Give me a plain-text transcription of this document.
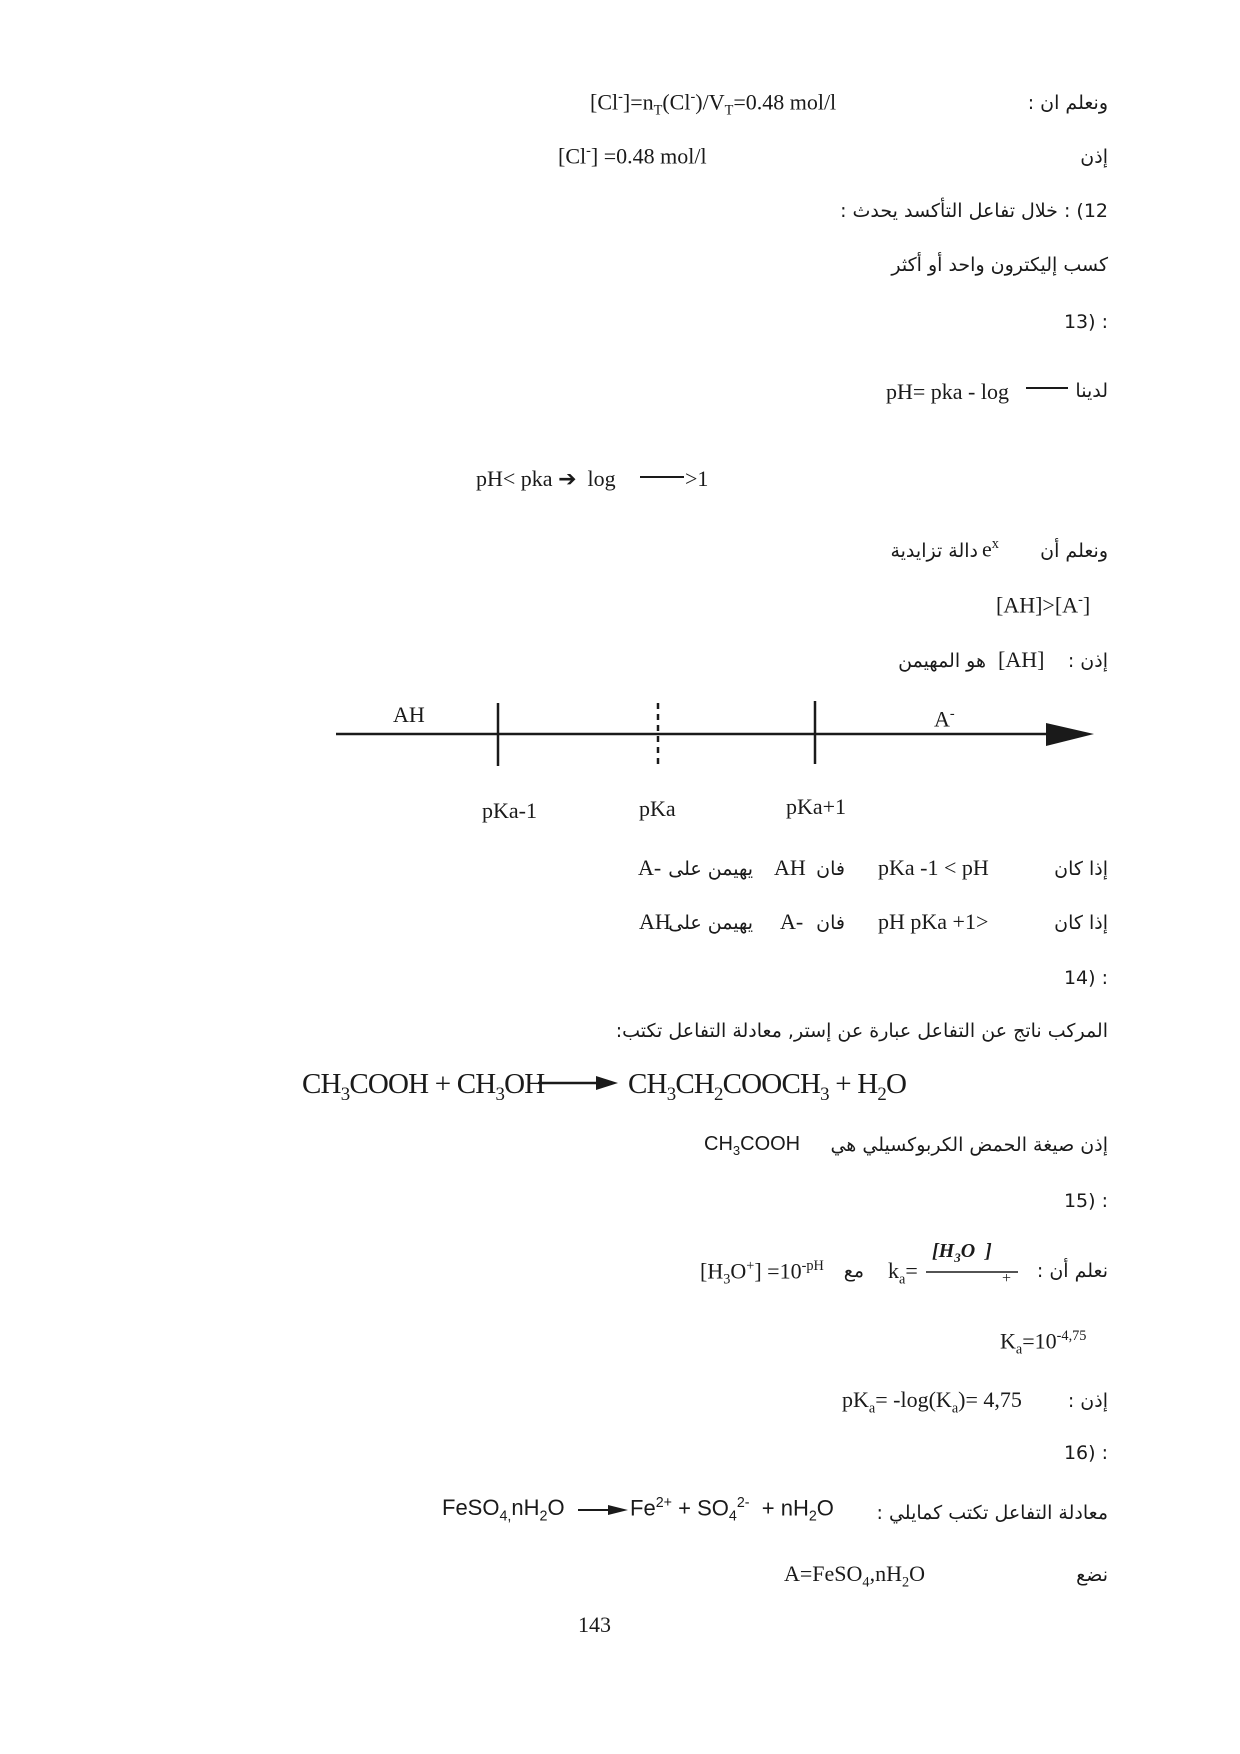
ونعلم ان :
$[Cl^-]=n_T(Cl^-)/V_T=0.48$ mol/l
إذن
[Cl-] =0.48 mol/l
12) : خلال تفاعل التأكسد يحدث :
كسب إليكترون واحد أو أكثر
: (13
لدينا
pH= pka - log
pH< pka ➔  log	>1
ونعلم أن
$e^x$
دالة تزايدية
[AH]>[A-]
إذن :
[AH]
هو المهيمن
AH	A-
pKa-1	pKa	pKa+1
إذا كان
pKa -1 < pH
فان
AH
يهيمن على
A-
إذا كان
pH pKa +1>
فان
A-
يهيمن على
AH
: (14
المركب ناتج عن التفاعل عبارة عن إستر, معادلة التفاعل تكتب:
$CH_3COOH + CH_3OH$	$CH_3CH_2COOCH_3 + H_2O$
إذن صيغة الحمض الكربوكسيلي هي
$CH_3COOH$
: (15
نعلم أن :
$k_a=$
[$H_3O$  ]
+
مع
$[H_3O^+] =10^{-pH}$
$K_a=10^{-4,75}$
إذن :
$pK_a= -\log(K_a)= 4,75$
: (16
معادلة التفاعل تكتب كمايلي :
$FeSO_{4,}nH_2O$	$Fe^{2+} + SO_4^{2-} + nH_2O$
نضع
$A=FeSO_4,nH_2O$
143
